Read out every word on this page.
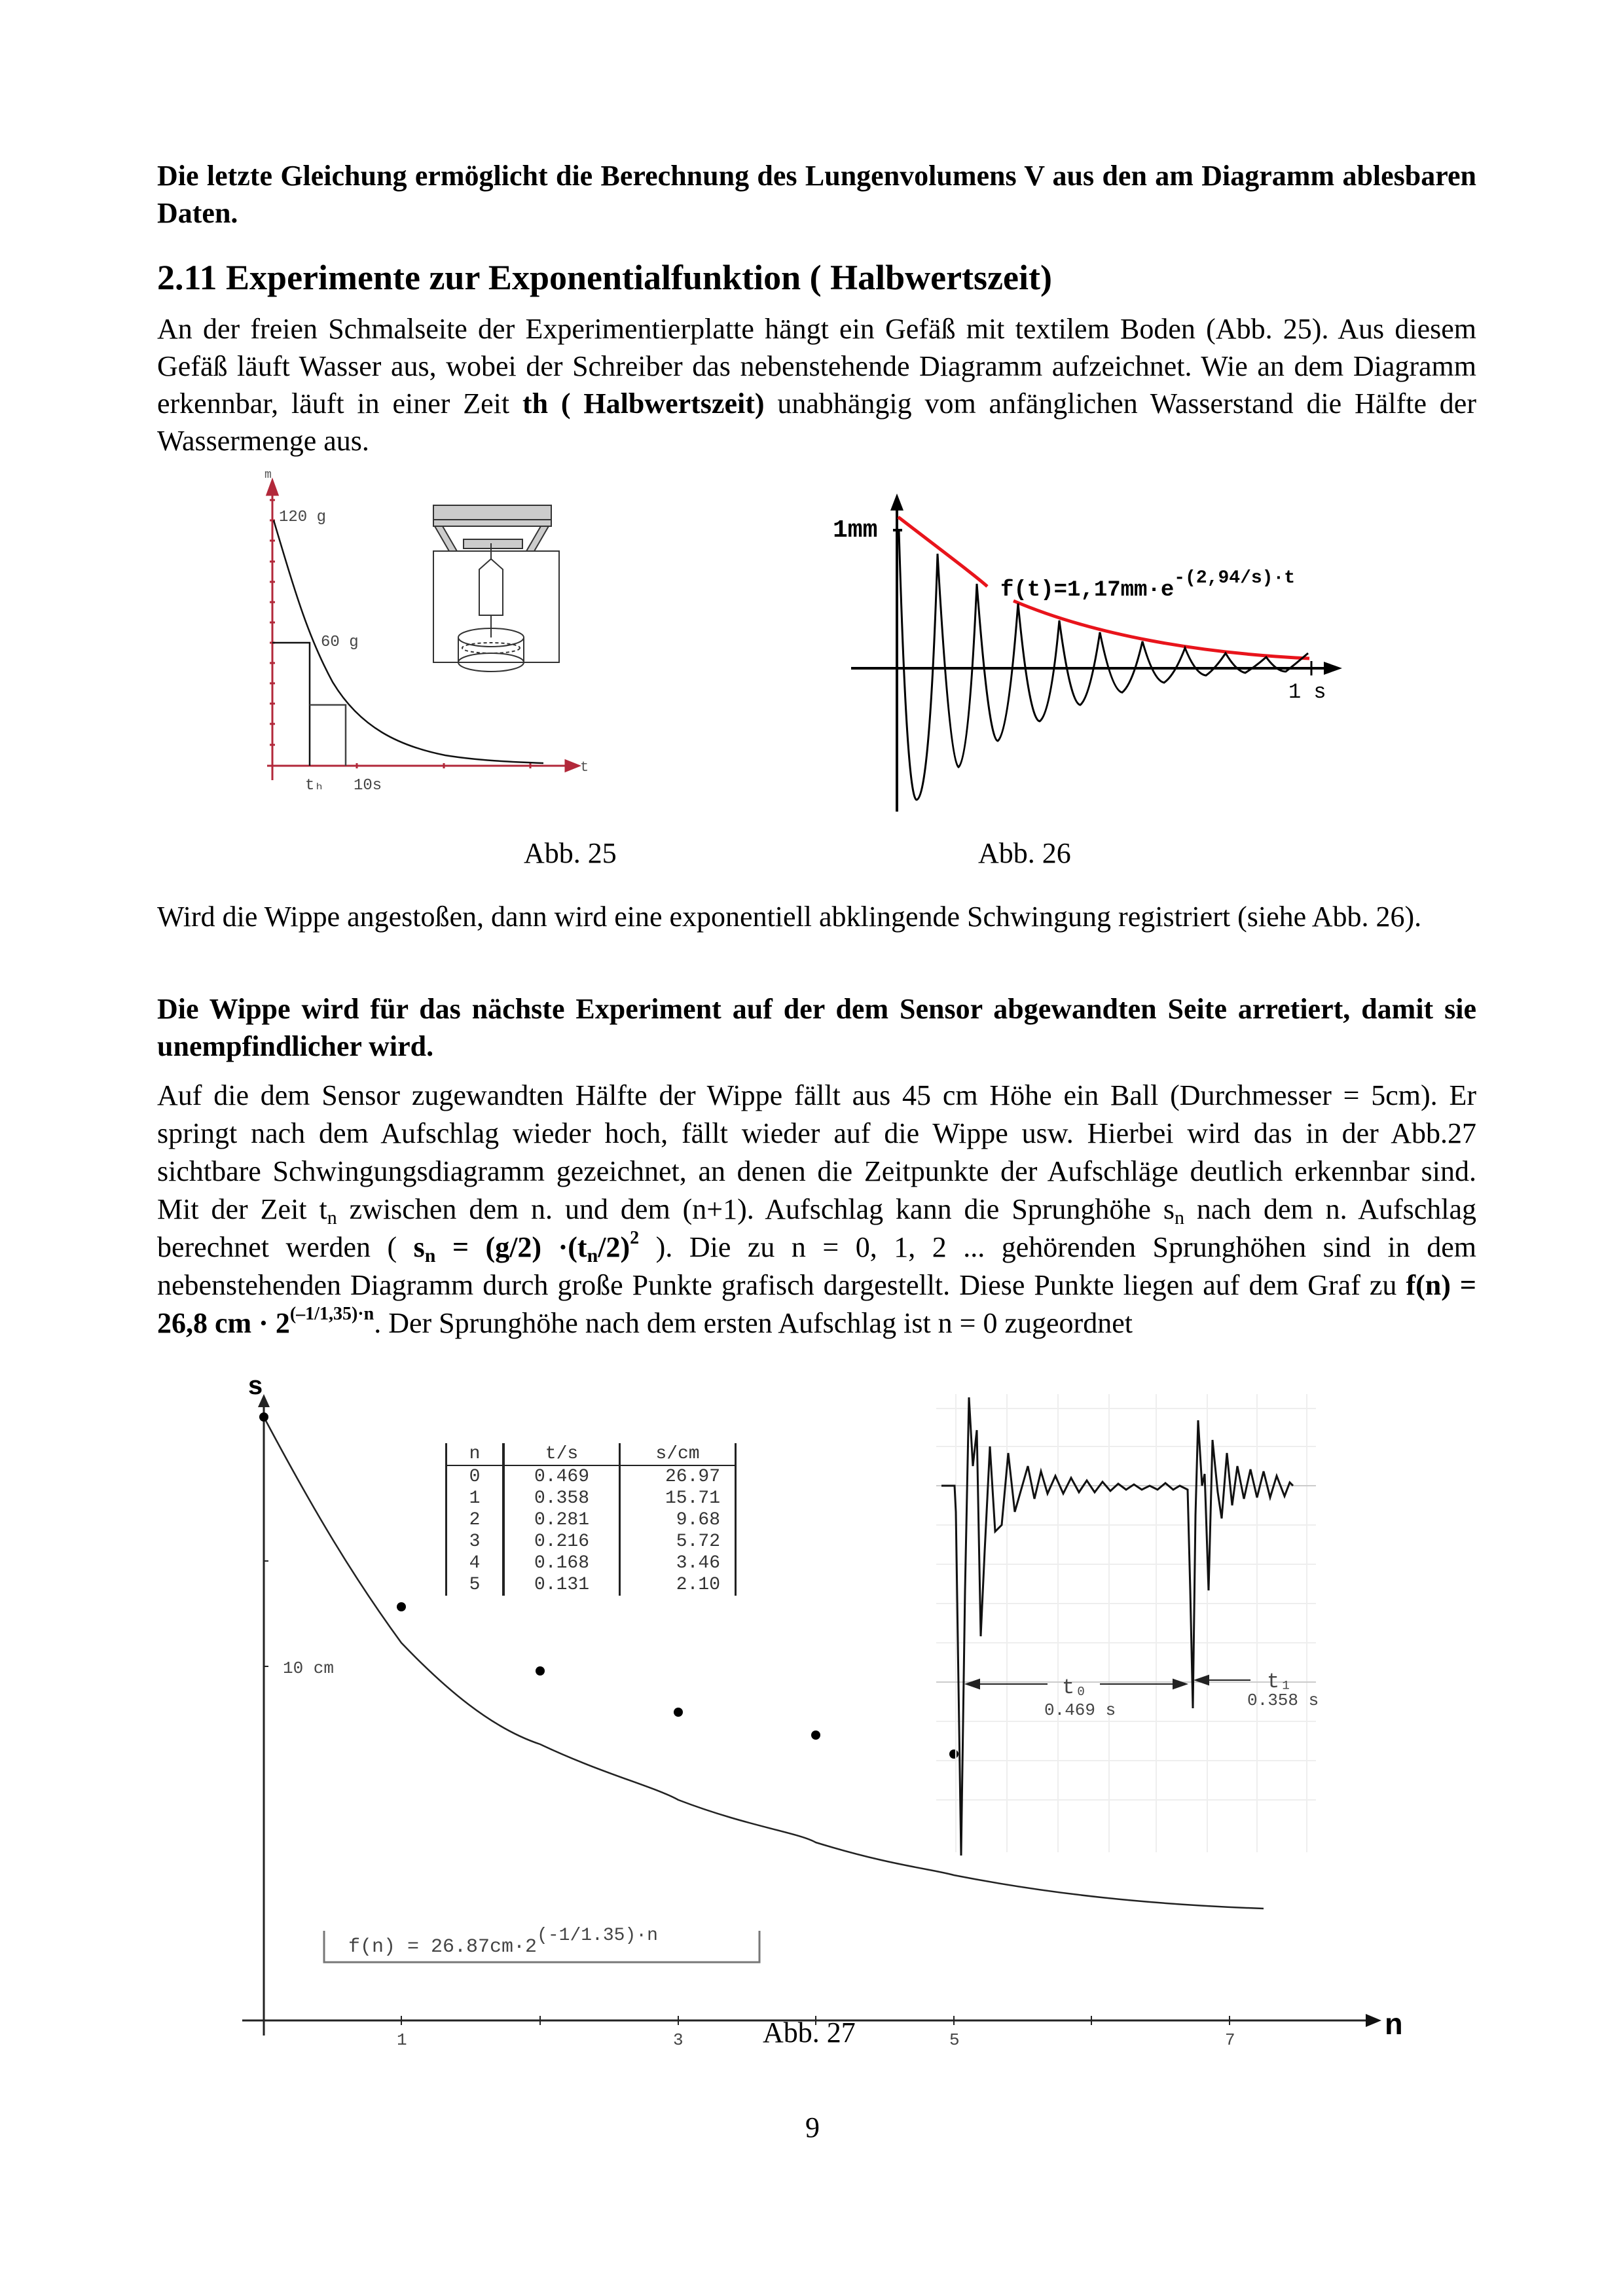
Die letzte Gleichung ermöglicht die Berechnung des Lungenvolumens V aus den am Diagramm ablesbaren Daten.
2.11 Experimente zur Exponentialfunktion ( Halbwertszeit)
An der freien Schmalseite der Experimentierplatte hängt ein Gefäß mit textilem Boden (Abb. 25). Aus diesem Gefäß läuft Wasser aus, wobei der Schreiber das nebenstehende Diagramm aufzeichnet. Wie an dem Diagramm erkennbar, läuft in einer Zeit th ( Halbwertszeit) unabhängig vom anfänglichen Wasserstand die Hälfte der Wassermenge aus.
m
120 g
60 g
tₕ 10s
t
1mm
1 s
$f(t)=1,17mm\cdot e^{-(2,94/s)\cdot t}$
Abb. 25	Abb. 26
Wird die Wippe angestoßen, dann wird eine exponentiell abklingende Schwingung registriert (siehe Abb. 26).
Die Wippe wird für das nächste Experiment auf der dem Sensor abgewandten Seite arretiert, damit sie unempfindlicher wird.
Auf die dem Sensor zugewandten Hälfte der Wippe fällt aus 45 cm Höhe ein Ball (Durchmesser = 5cm). Er springt nach dem Aufschlag wieder hoch, fällt wieder auf die Wippe usw. Hierbei wird das in der Abb.27 sichtbare Schwingungsdiagramm gezeichnet, an denen die Zeitpunkte der Aufschläge deutlich erkennbar sind. Mit der Zeit $t_n$ zwischen dem n. und dem (n+1). Aufschlag kann die Sprunghöhe $s_n$ nach dem n. Aufschlag berechnet werden ( $s_n = (g/2) \cdot(t_n/2)^2$ ). Die zu n = 0, 1, 2 ... gehörenden Sprunghöhen sind in dem nebenstehenden Diagramm durch große Punkte grafisch dargestellt. Diese Punkte liegen auf dem Graf zu f(n) = 26,8 cm · $2^{(-1/1,35)\cdot n}$. Der Sprunghöhe nach dem ersten Aufschlag ist n = 0 zugeordnet
s
n
10 cm
1	3	5	7
f(n) = 26.87cm·2(-1/1.35)·n
n	t/s	s/cm
0	0.469	26.97
1	0.358	15.71
2	0.281	9.68
3	0.216	5.72
4	0.168	3.46
5	0.131	2.10
t₀
0.469 s
t₁
0.358 s
Abb. 27
9
